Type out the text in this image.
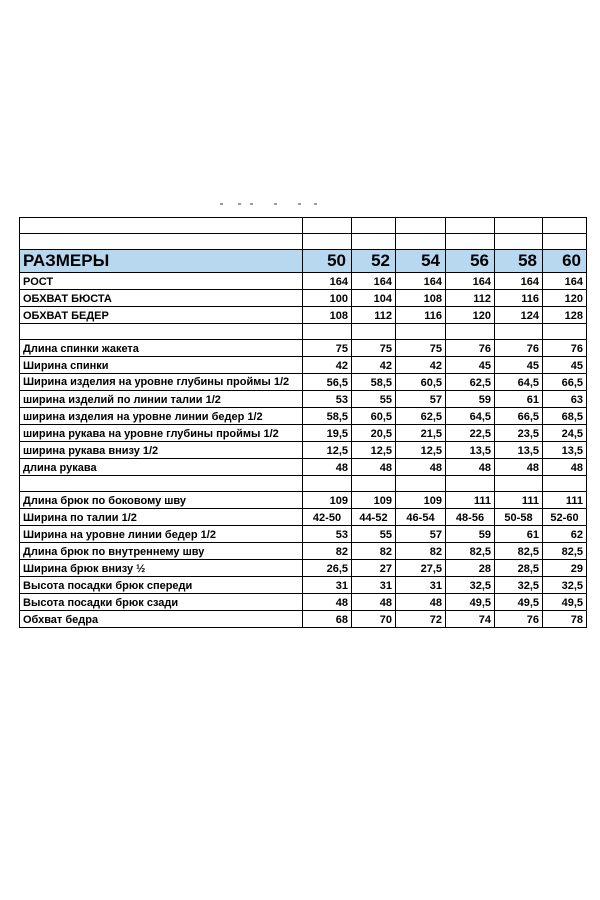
РАЗМЕРЫ	50	52	54	56	58	60
РОСТ	164	164	164	164	164	164
ОБХВАТ БЮСТА	100	104	108	112	116	120
ОБХВАТ БЕДЕР	108	112	116	120	124	128

Длина спинки жакета	75	75	75	76	76	76
Ширина спинки	42	42	42	45	45	45
Ширина изделия на уровне глубины проймы 1/2	56,5	58,5	60,5	62,5	64,5	66,5
ширина изделий по линии талии 1/2	53	55	57	59	61	63
ширина изделия на уровне линии бедер 1/2	58,5	60,5	62,5	64,5	66,5	68,5
ширина рукава на уровне глубины проймы 1/2	19,5	20,5	21,5	22,5	23,5	24,5
ширина рукава внизу 1/2	12,5	12,5	12,5	13,5	13,5	13,5
длина рукава	48	48	48	48	48	48

Длина брюк по боковому шву	109	109	109	111	111	111
Ширина по талии 1/2	42-50	44-52	46-54	48-56	50-58	52-60
Ширина на уровне линии бедер 1/2	53	55	57	59	61	62
Длина брюк по внутреннему шву	82	82	82	82,5	82,5	82,5
Ширина брюк внизу ½	26,5	27	27,5	28	28,5	29
Высота посадки брюк спереди	31	31	31	32,5	32,5	32,5
Высота посадки брюк сзади	48	48	48	49,5	49,5	49,5
Обхват бедра	68	70	72	74	76	78
